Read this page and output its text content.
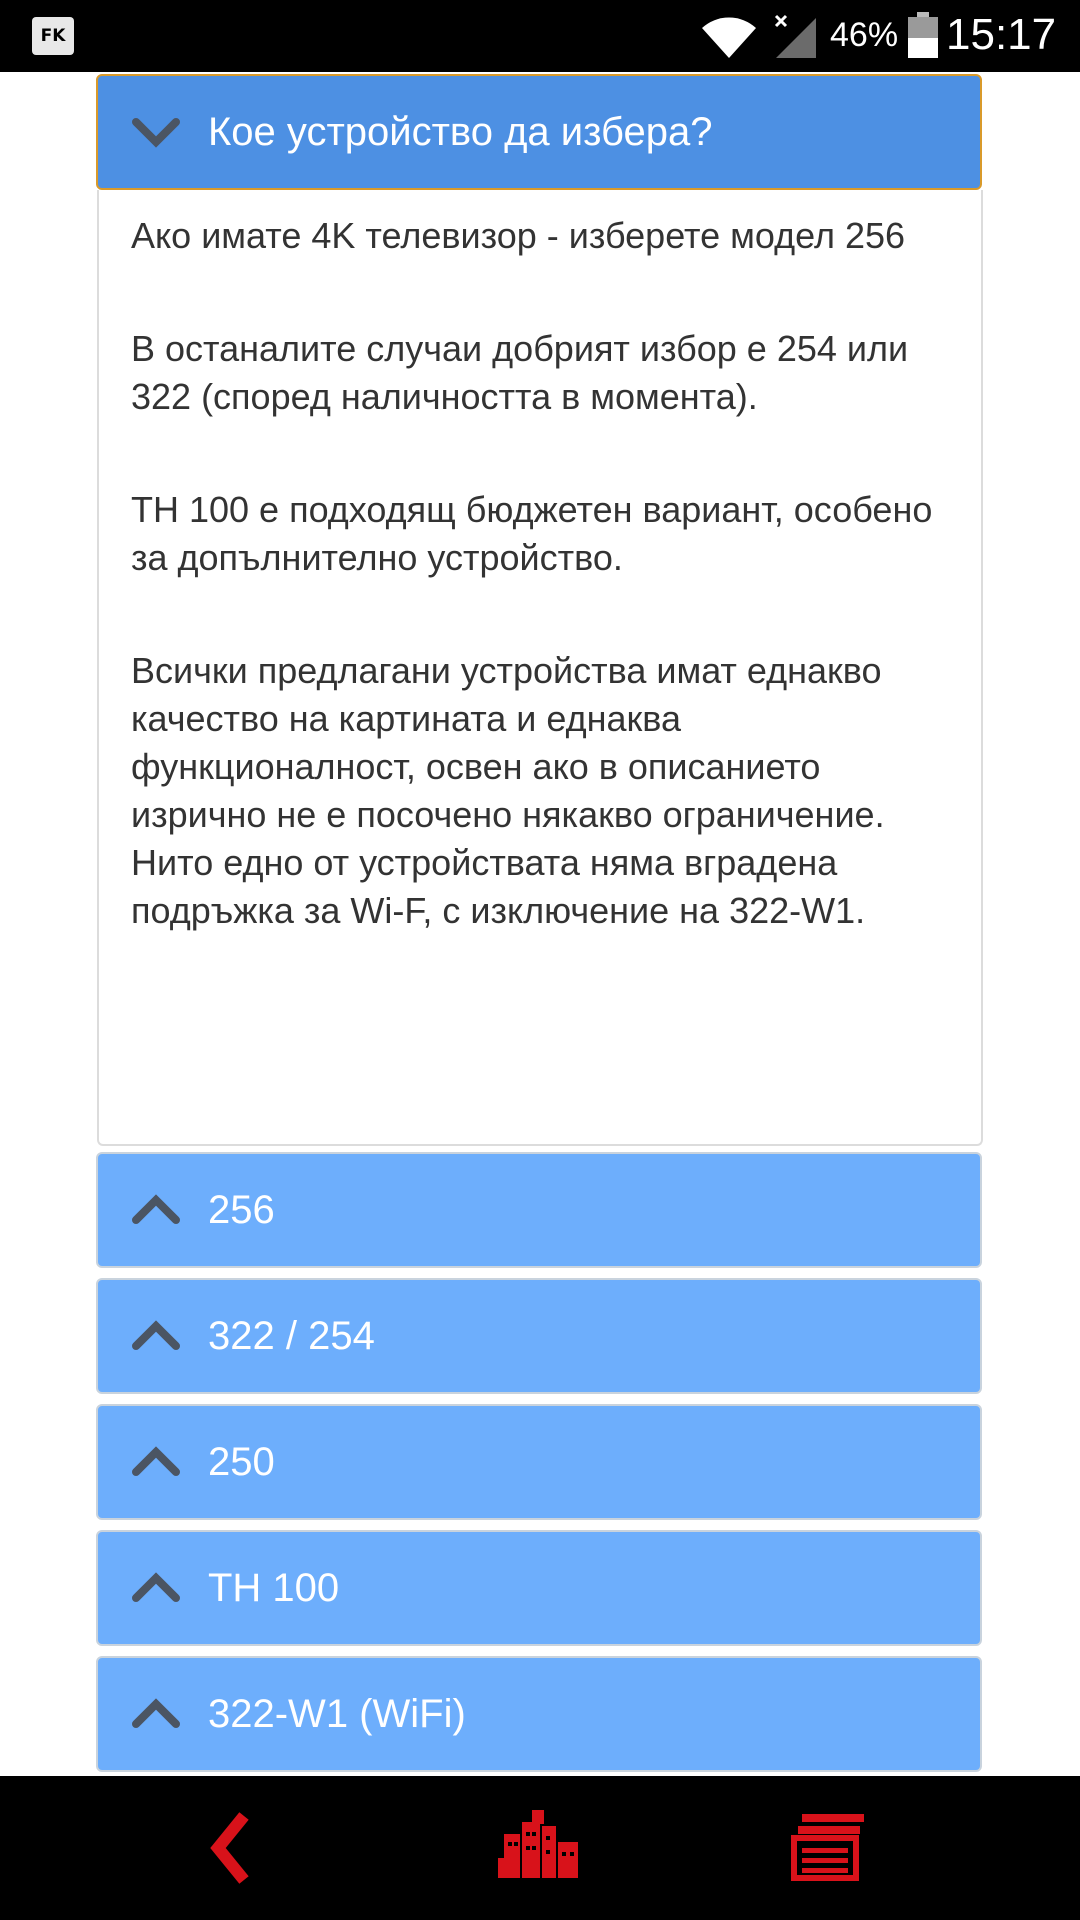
FK	46% 15:17
Кое устройство да избера?

Ако имате 4K телевизор - изберете модел 256

В останалите случаи добрият избор е 254 или 322 (според наличността в момента).

TH 100 е подходящ бюджетен вариант, особено за допълнително устройство.

Всички предлагани устройства имат еднакво качество на картината и еднаква функционалност, освен ако в описанието изрично не е посочено някакво ограничение. Нито едно от устройствата няма вградена подръжка за Wi-F, с изключение на 322-W1.

256
322 / 254
250
TH 100
322-W1 (WiFi)
